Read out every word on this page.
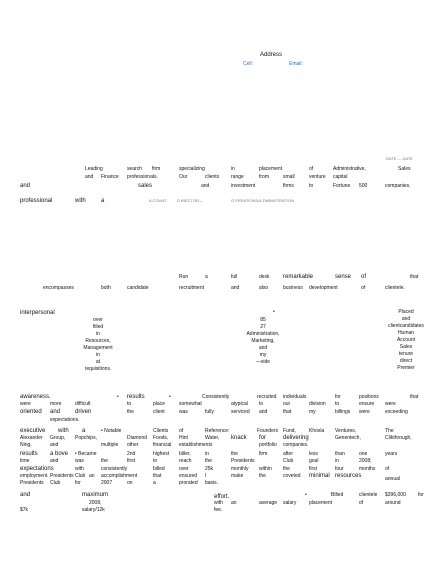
Address
Cell:	Email:
DATE — DATE
Leading	search firm	specializing	in	placement	of	Administrative,	Sales
and Finance professionals.	Our	clients range	from	small	venture capital
and	sales	and	investment	firms	to	Fortune 500	companies.
professional	with	a	A COUNT	D IRECTOR—	O PERATIONS/A DMINISTRATION
Run	a	full	desk remarkable	sense of	that
encompasses	both	candidate	recruitment	and	also	business development	of	clientele.
interpersonal	•
over
filled
in
Resources,
Management
in
at
requisitions.
85
27
Administration,
Marketing,
and
my
—xide
Placed
and
clientcandidates
Human
Account
Sales
tenure
direct
Premier
awareness.	• results	•	Consistently	recruited individuals	for	positions	that
were	more	difficult	to	place	somewhat	atypical to	our	division to	ensure were
oriented and driven	the	client	was	fully	serviced and	that	my	billings were	exceeding
expectations.
executive with a	• Notable	Clients of	Reference:	Founders Fund,	Khosla Ventures,	The
Alexander Group, Popchips,	Diamond Foods, Hint	Water, knack for	delivering	Genentech,	Clikthrough,
Ning,	and	multiple other	financial establishments	portfolio companies.
results a bove • Became	2nd	highest biller,	in	the	firm	after	less	than	one	years
time	and	was	the	first	to	reach	the	Presidents	Club	goal	in	2008;
expectations	with	consistently	billed	over	25k	monthly within the	first	four	months of
employment. Presidents Club an accomplishment	that	ensured I	make	the	coveted minimal resources	annual
Presidents Club	for	2007	on	a	prorated basis.
and	maximum	effort.	•	Billed	clientele $396,000 for
2008,	with an	average salary	placement	of	around
$7k	salary/12k	fee.
